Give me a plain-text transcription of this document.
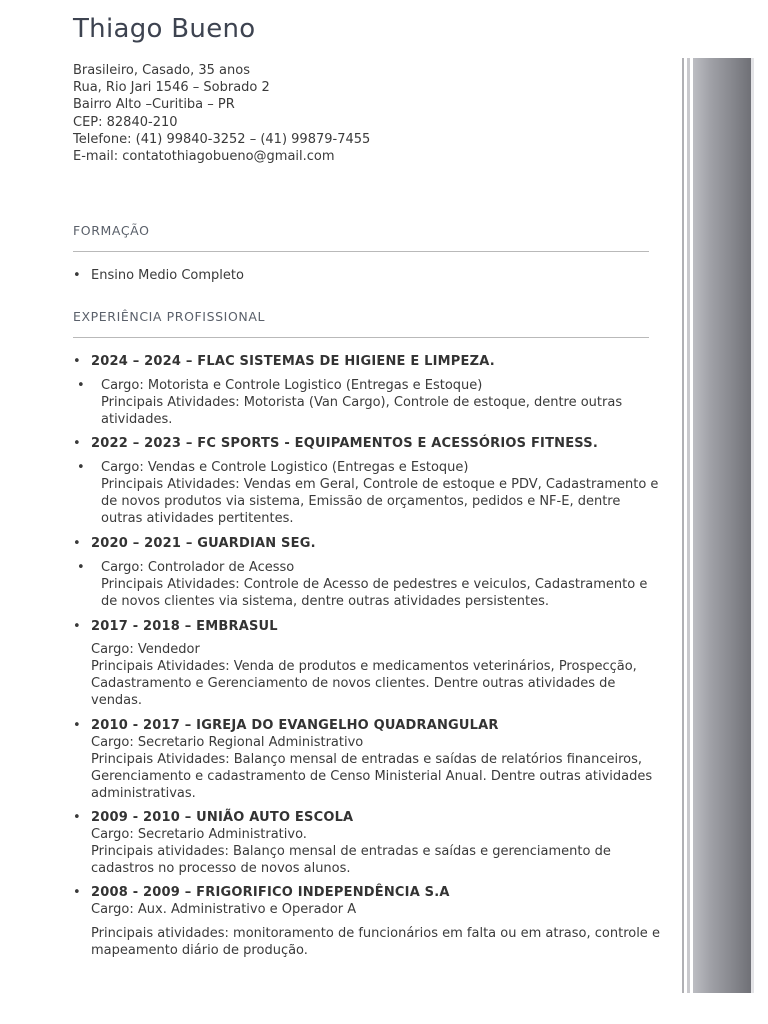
Thiago Bueno
Brasileiro, Casado, 35 anos
Rua, Rio Jari 1546 – Sobrado 2
Bairro Alto –Curitiba – PR
CEP: 82840-210
Telefone: (41) 99840-3252 – (41) 99879-7455
E-mail: contatothiagobueno@gmail.com
FORMAÇÃO
• Ensino Medio Completo
EXPERIÊNCIA PROFISSIONAL
• 2024 – 2024 – FLAC SISTEMAS DE HIGIENE E LIMPEZA.
• Cargo: Motorista e Controle Logistico (Entregas e Estoque)
Principais Atividades: Motorista (Van Cargo), Controle de estoque, dentre outras atividades.
• 2022 – 2023 – FC SPORTS - EQUIPAMENTOS E ACESSÓRIOS FITNESS.
• Cargo: Vendas e Controle Logistico (Entregas e Estoque)
Principais Atividades: Vendas em Geral, Controle de estoque e PDV, Cadastramento e de novos produtos via sistema, Emissão de orçamentos, pedidos e NF-E, dentre outras atividades pertitentes.
• 2020 – 2021 – GUARDIAN SEG.
• Cargo: Controlador de Acesso
Principais Atividades: Controle de Acesso de pedestres e veiculos, Cadastramento e de novos clientes via sistema, dentre outras atividades persistentes.
• 2017 - 2018 – EMBRASUL
Cargo: Vendedor
Principais Atividades: Venda de produtos e medicamentos veterinários, Prospecção, Cadastramento e Gerenciamento de novos clientes. Dentre outras atividades de vendas.
• 2010 - 2017 – IGREJA DO EVANGELHO QUADRANGULAR
Cargo: Secretario Regional Administrativo
Principais Atividades: Balanço mensal de entradas e saídas de relatórios financeiros, Gerenciamento e cadastramento de Censo Ministerial Anual. Dentre outras atividades administrativas.
• 2009 - 2010 – UNIÃO AUTO ESCOLA
Cargo: Secretario Administrativo.
Principais atividades: Balanço mensal de entradas e saídas e gerenciamento de cadastros no processo de novos alunos.
• 2008 - 2009 – FRIGORIFICO INDEPENDÊNCIA S.A
Cargo: Aux. Administrativo e Operador A
Principais atividades: monitoramento de funcionários em falta ou em atraso, controle e mapeamento diário de produção.
